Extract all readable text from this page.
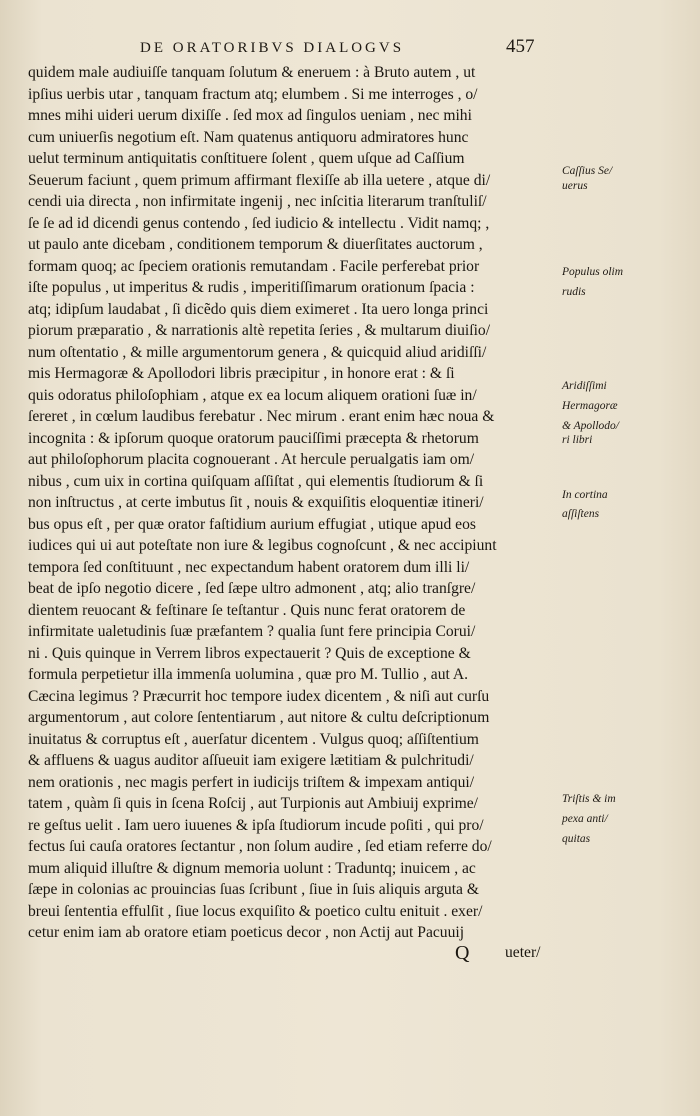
DE ORATORIBVS DIALOGVS	457
quidem male audiuiſſe tanquam ſolutum & eneruem : à Bruto autem , ut
ipſius uerbis utar , tanquam fractum atq; elumbem . Si me interroges , o/
mnes mihi uideri uerum dixiſſe . ſed mox ad ſingulos ueniam , nec mihi
cum uniuerſis negotium eſt. Nam quatenus antiquoru admiratores hunc
uelut terminum antiquitatis conſtituere ſolent , quem uſque ad Caſſium
Seuerum faciunt , quem primum affirmant flexiſſe ab illa uetere , atque di/
cendi uia directa , non infirmitate ingenij , nec inſcitia literarum tranſtuliſ/
ſe ſe ad id dicendi genus contendo , ſed iudicio & intellectu . Vidit namq; ,
ut paulo ante dicebam , conditionem temporum & diuerſitates auctorum ,
formam quoq; ac ſpeciem orationis remutandam . Facile perferebat prior
iſte populus , ut imperitus & rudis , imperitiſſimarum orationum ſpacia :
atq; idipſum laudabat , ſi dicẽdo quis diem eximeret . Ita uero longa princi
piorum præparatio , & narrationis altè repetita ſeries , & multarum diuiſio/
num oſtentatio , & mille argumentorum genera , & quicquid aliud aridiſſi/
mis Hermagoræ & Apollodori libris præcipitur , in honore erat : & ſi
quis odoratus philoſophiam , atque ex ea locum aliquem orationi ſuæ in/
ſereret , in cœlum laudibus ferebatur . Nec mirum . erant enim hæc noua &
incognita : & ipſorum quoque oratorum pauciſſimi præcepta & rhetorum
aut philoſophorum placita cognouerant . At hercule perualgatis iam om/
nibus , cum uix in cortina quiſquam aſſiſtat , qui elementis ſtudiorum & ſi
non inſtructus , at certe imbutus ſit , nouis & exquiſitis eloquentiæ itineri/
bus opus eſt , per quæ orator faſtidium aurium effugiat , utique apud eos
iudices qui ui aut poteſtate non iure & legibus cognoſcunt , & nec accipiunt
tempora ſed conſtituunt , nec expectandum habent oratorem dum illi li/
beat de ipſo negotio dicere , ſed ſæpe ultro admonent , atq; alio tranſgre/
dientem reuocant & feſtinare ſe teſtantur . Quis nunc ferat oratorem de
infirmitate ualetudinis ſuæ præfantem ? qualia ſunt fere principia Corui/
ni . Quis quinque in Verrem libros expectauerit ? Quis de exceptione &
formula perpetietur illa immenſa uolumina , quæ pro M. Tullio , aut A.
Cæcina legimus ? Præcurrit hoc tempore iudex dicentem , & niſi aut curſu
argumentorum , aut colore ſententiarum , aut nitore & cultu deſcriptionum
inuitatus & corruptus eſt , auerſatur dicentem . Vulgus quoq; aſſiſtentium
& affluens & uagus auditor aſſueuit iam exigere lætitiam & pulchritudi/
nem orationis , nec magis perfert in iudicijs triſtem & impexam antiqui/
tatem , quàm ſi quis in ſcena Roſcij , aut Turpionis aut Ambiuij exprime/
re geſtus uelit . Iam uero iuuenes & ipſa ſtudiorum incude poſiti , qui pro/
fectus ſui cauſa oratores ſectantur , non ſolum audire , ſed etiam referre do/
mum aliquid illuſtre & dignum memoria uolunt : Traduntq; inuicem , ac
ſæpe in colonias ac prouincias ſuas ſcribunt , ſiue in ſuis aliquis arguta &
breui ſententia effulſit , ſiue locus exquiſito & poetico cultu enituit . exer/
cetur enim iam ab oratore etiam poeticus decor , non Actij aut Pacuuij
Caſſius Se/
uerus
Populus olim
rudis
Aridiſſimi
Hermagoræ
& Apollodo/
ri libri
In cortina
aſſiſtens
Triſtis & im
pexa anti/
quitas
Q ueter/
